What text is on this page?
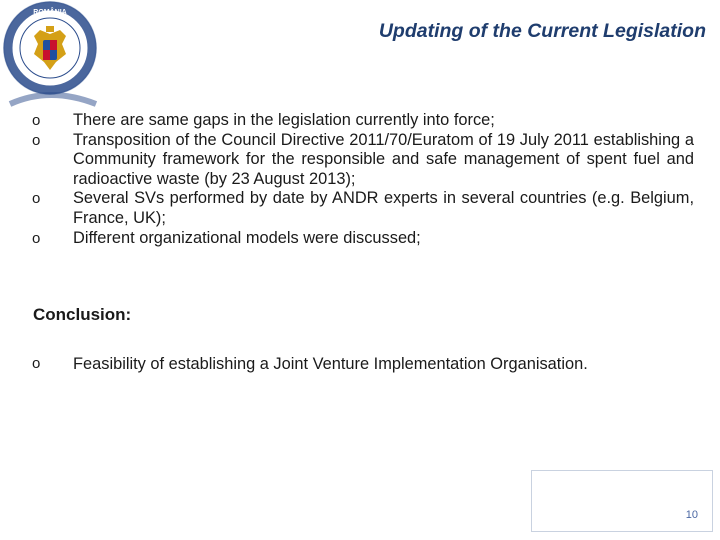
ROMÂNIA
Updating of the Current Legislation
o There are same gaps in the legislation currently into force;
o Transposition of the Council Directive 2011/70/Euratom of 19 July 2011 establishing a Community framework for the responsible and safe management of spent fuel and radioactive waste (by 23 August 2013);
o Several SVs performed by date by ANDR experts in several countries (e.g. Belgium, France, UK);
o Different organizational models were discussed;
Conclusion:
o Feasibility of establishing a Joint Venture Implementation Organisation.
10
